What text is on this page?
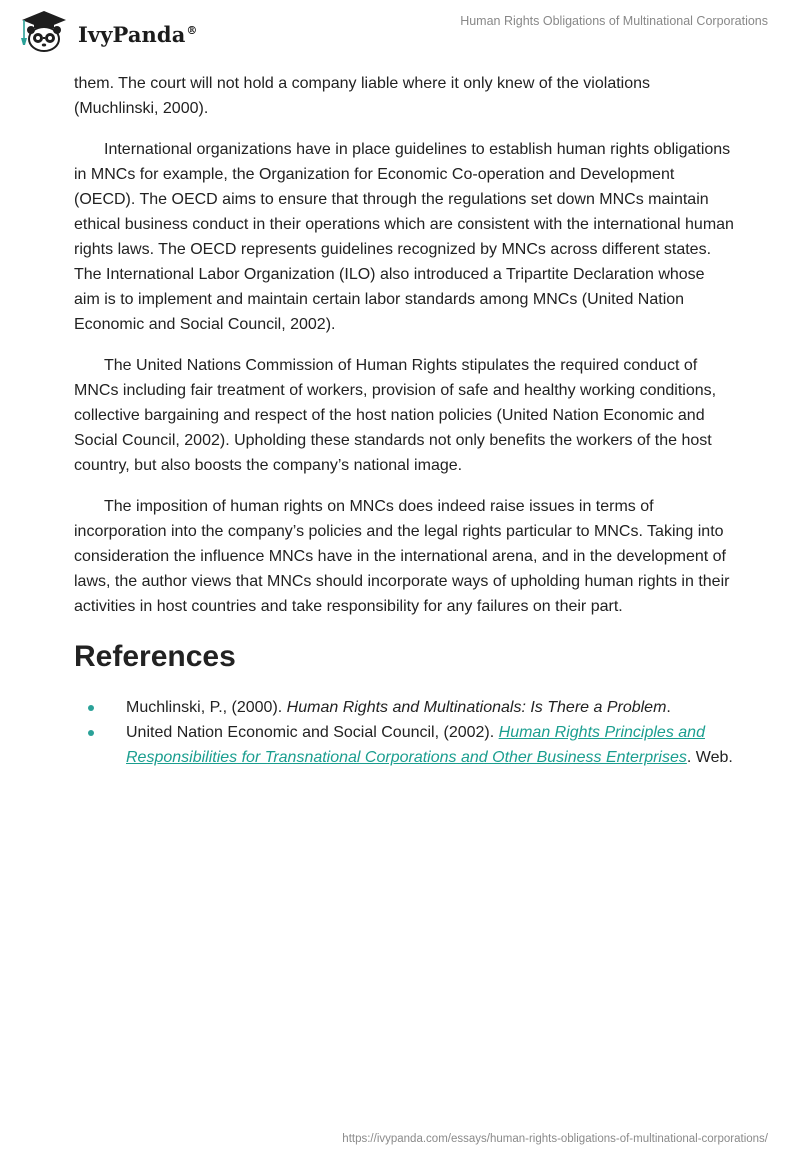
IvyPanda®
Human Rights Obligations of Multinational Corporations

them. The court will not hold a company liable where it only knew of the violations (Muchlinski, 2000).

International organizations have in place guidelines to establish human rights obligations in MNCs for example, the Organization for Economic Co-operation and Development (OECD). The OECD aims to ensure that through the regulations set down MNCs maintain ethical business conduct in their operations which are consistent with the international human rights laws. The OECD represents guidelines recognized by MNCs across different states. The International Labor Organization (ILO) also introduced a Tripartite Declaration whose aim is to implement and maintain certain labor standards among MNCs (United Nation Economic and Social Council, 2002).

The United Nations Commission of Human Rights stipulates the required conduct of MNCs including fair treatment of workers, provision of safe and healthy working conditions, collective bargaining and respect of the host nation policies (United Nation Economic and Social Council, 2002). Upholding these standards not only benefits the workers of the host country, but also boosts the company’s national image.

The imposition of human rights on MNCs does indeed raise issues in terms of incorporation into the company’s policies and the legal rights particular to MNCs. Taking into consideration the influence MNCs have in the international arena, and in the development of laws, the author views that MNCs should incorporate ways of upholding human rights in their activities in host countries and take responsibility for any failures on their part.

References
Muchlinski, P., (2000). Human Rights and Multinationals: Is There a Problem.
United Nation Economic and Social Council, (2002). Human Rights Principles and Responsibilities for Transnational Corporations and Other Business Enterprises. Web.
https://ivypanda.com/essays/human-rights-obligations-of-multinational-corporations/
